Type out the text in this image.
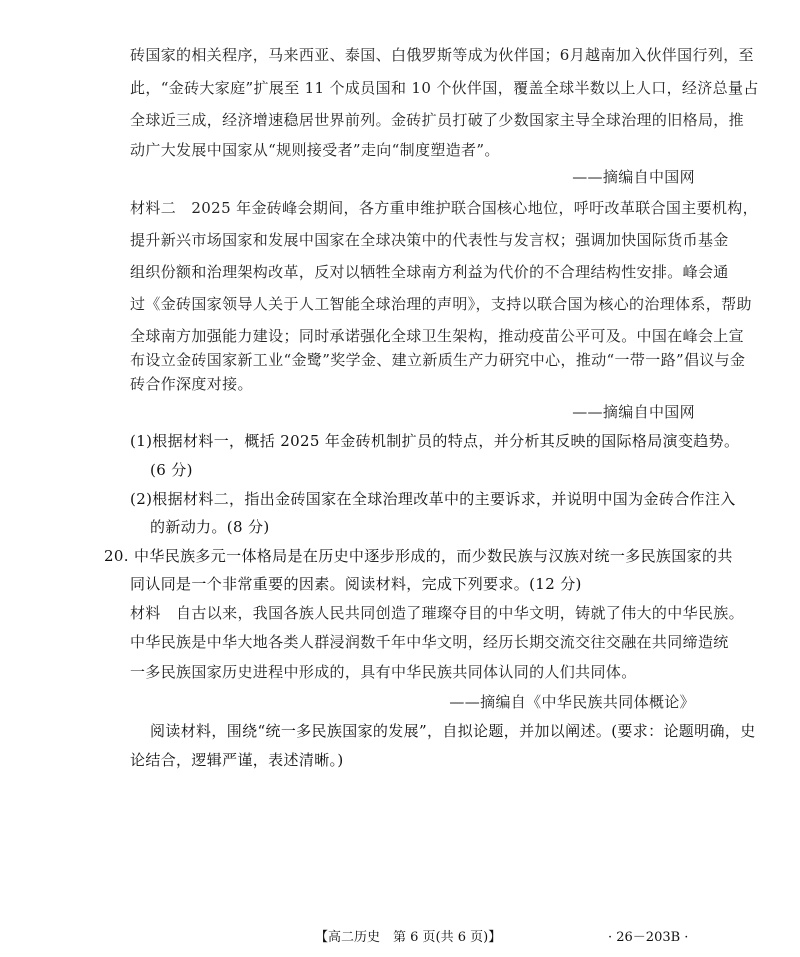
砖国家的相关程序，马来西亚、泰国、白俄罗斯等成为伙伴国；6月越南加入伙伴国行列，至
此，“金砖大家庭”扩展至 11 个成员国和 10 个伙伴国，覆盖全球半数以上人口，经济总量占
全球近三成，经济增速稳居世界前列。金砖扩员打破了少数国家主导全球治理的旧格局，推
动广大发展中国家从“规则接受者”走向“制度塑造者”。
——摘编自中国网
材料二　2025 年金砖峰会期间，各方重申维护联合国核心地位，呼吁改革联合国主要机构，
提升新兴市场国家和发展中国家在全球决策中的代表性与发言权；强调加快国际货币基金
组织份额和治理架构改革，反对以牺牲全球南方利益为代价的不合理结构性安排。峰会通
过《金砖国家领导人关于人工智能全球治理的声明》，支持以联合国为核心的治理体系，帮助
全球南方加强能力建设；同时承诺强化全球卫生架构，推动疫苗公平可及。中国在峰会上宣
布设立金砖国家新工业“金鹭”奖学金、建立新质生产力研究中心，推动“一带一路”倡议与金
砖合作深度对接。
——摘编自中国网
(1)根据材料一，概括 2025 年金砖机制扩员的特点，并分析其反映的国际格局演变趋势。
(6 分)
(2)根据材料二，指出金砖国家在全球治理改革中的主要诉求，并说明中国为金砖合作注入
的新动力。(8 分)
20. 中华民族多元一体格局是在历史中逐步形成的，而少数民族与汉族对统一多民族国家的共
同认同是一个非常重要的因素。阅读材料，完成下列要求。(12 分)
材料　自古以来，我国各族人民共同创造了璀璨夺目的中华文明，铸就了伟大的中华民族。
中华民族是中华大地各类人群浸润数千年中华文明，经历长期交流交往交融在共同缔造统
一多民族国家历史进程中形成的，具有中华民族共同体认同的人们共同体。
——摘编自《中华民族共同体概论》
阅读材料，围绕“统一多民族国家的发展”，自拟论题，并加以阐述。(要求：论题明确，史
论结合，逻辑严谨，表述清晰。)
【高二历史　第 6 页(共 6 页)】	· 26－203B ·
